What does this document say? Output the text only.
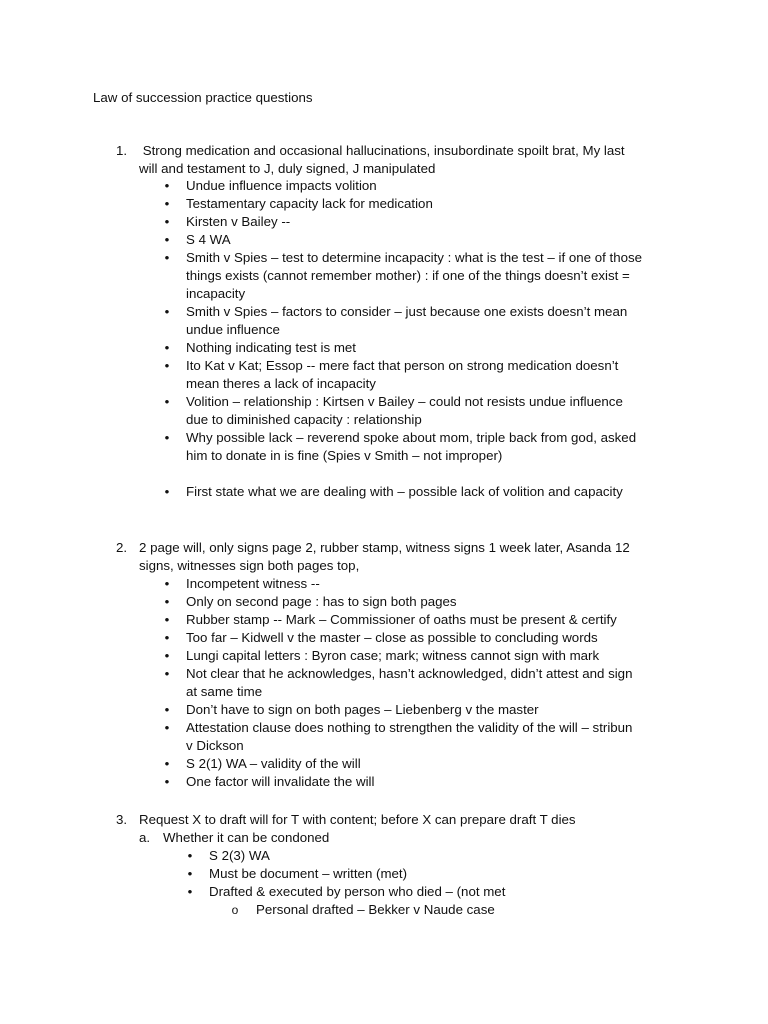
Law of succession practice questions
1. Strong medication and occasional hallucinations, insubordinate spoilt brat, My last
will and testament to J, duly signed, J manipulated
• Undue influence impacts volition
• Testamentary capacity lack for medication
• Kirsten v Bailey --
• S 4 WA
• Smith v Spies – test to determine incapacity : what is the test – if one of those
things exists (cannot remember mother) : if one of the things doesn’t exist =
incapacity
• Smith v Spies – factors to consider – just because one exists doesn’t mean
undue influence
• Nothing indicating test is met
• Ito Kat v Kat; Essop -- mere fact that person on strong medication doesn’t
mean theres a lack of incapacity
• Volition – relationship : Kirtsen v Bailey – could not resists undue influence
due to diminished capacity : relationship
• Why possible lack – reverend spoke about mom, triple back from god, asked
him to donate in is fine (Spies v Smith – not improper)
• First state what we are dealing with – possible lack of volition and capacity
2. 2 page will, only signs page 2, rubber stamp, witness signs 1 week later, Asanda 12
signs, witnesses sign both pages top,
• Incompetent witness --
• Only on second page : has to sign both pages
• Rubber stamp -- Mark – Commissioner of oaths must be present & certify
• Too far – Kidwell v the master – close as possible to concluding words
• Lungi capital letters : Byron case; mark; witness cannot sign with mark
• Not clear that he acknowledges, hasn’t acknowledged, didn’t attest and sign
at same time
• Don’t have to sign on both pages – Liebenberg v the master
• Attestation clause does nothing to strengthen the validity of the will – stribun
v Dickson
• S 2(1) WA – validity of the will
• One factor will invalidate the will
3. Request X to draft will for T with content; before X can prepare draft T dies
a. Whether it can be condoned
• S 2(3) WA
• Must be document – written (met)
• Drafted & executed by person who died – (not met
o Personal drafted – Bekker v Naude case
